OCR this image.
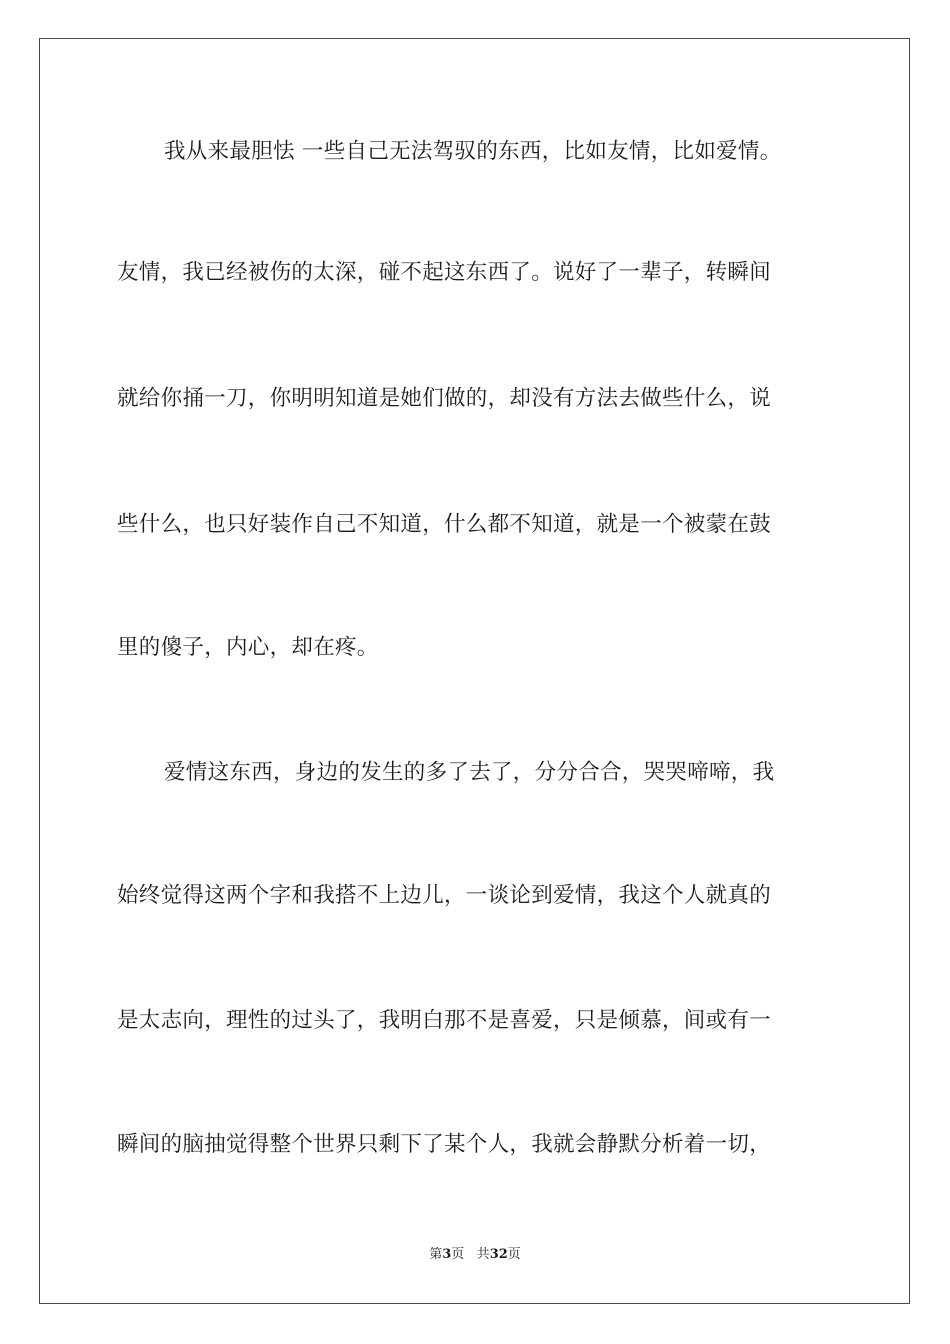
我从来最胆怯 一些自己无法驾驭的东西，比如友情，比如爱情。
友情，我已经被伤的太深，碰不起这东西了。说好了一辈子，转瞬间
就给你捅一刀，你明明知道是她们做的，却没有方法去做些什么，说
些什么，也只好装作自己不知道，什么都不知道，就是一个被蒙在鼓
里的傻子，内心，却在疼。
爱情这东西，身边的发生的多了去了，分分合合，哭哭啼啼，我
始终觉得这两个字和我搭不上边儿，一谈论到爱情，我这个人就真的
是太志向，理性的过头了，我明白那不是喜爱，只是倾慕，间或有一
瞬间的脑抽觉得整个世界只剩下了某个人，我就会静默分析着一切，
第3页 共32页
